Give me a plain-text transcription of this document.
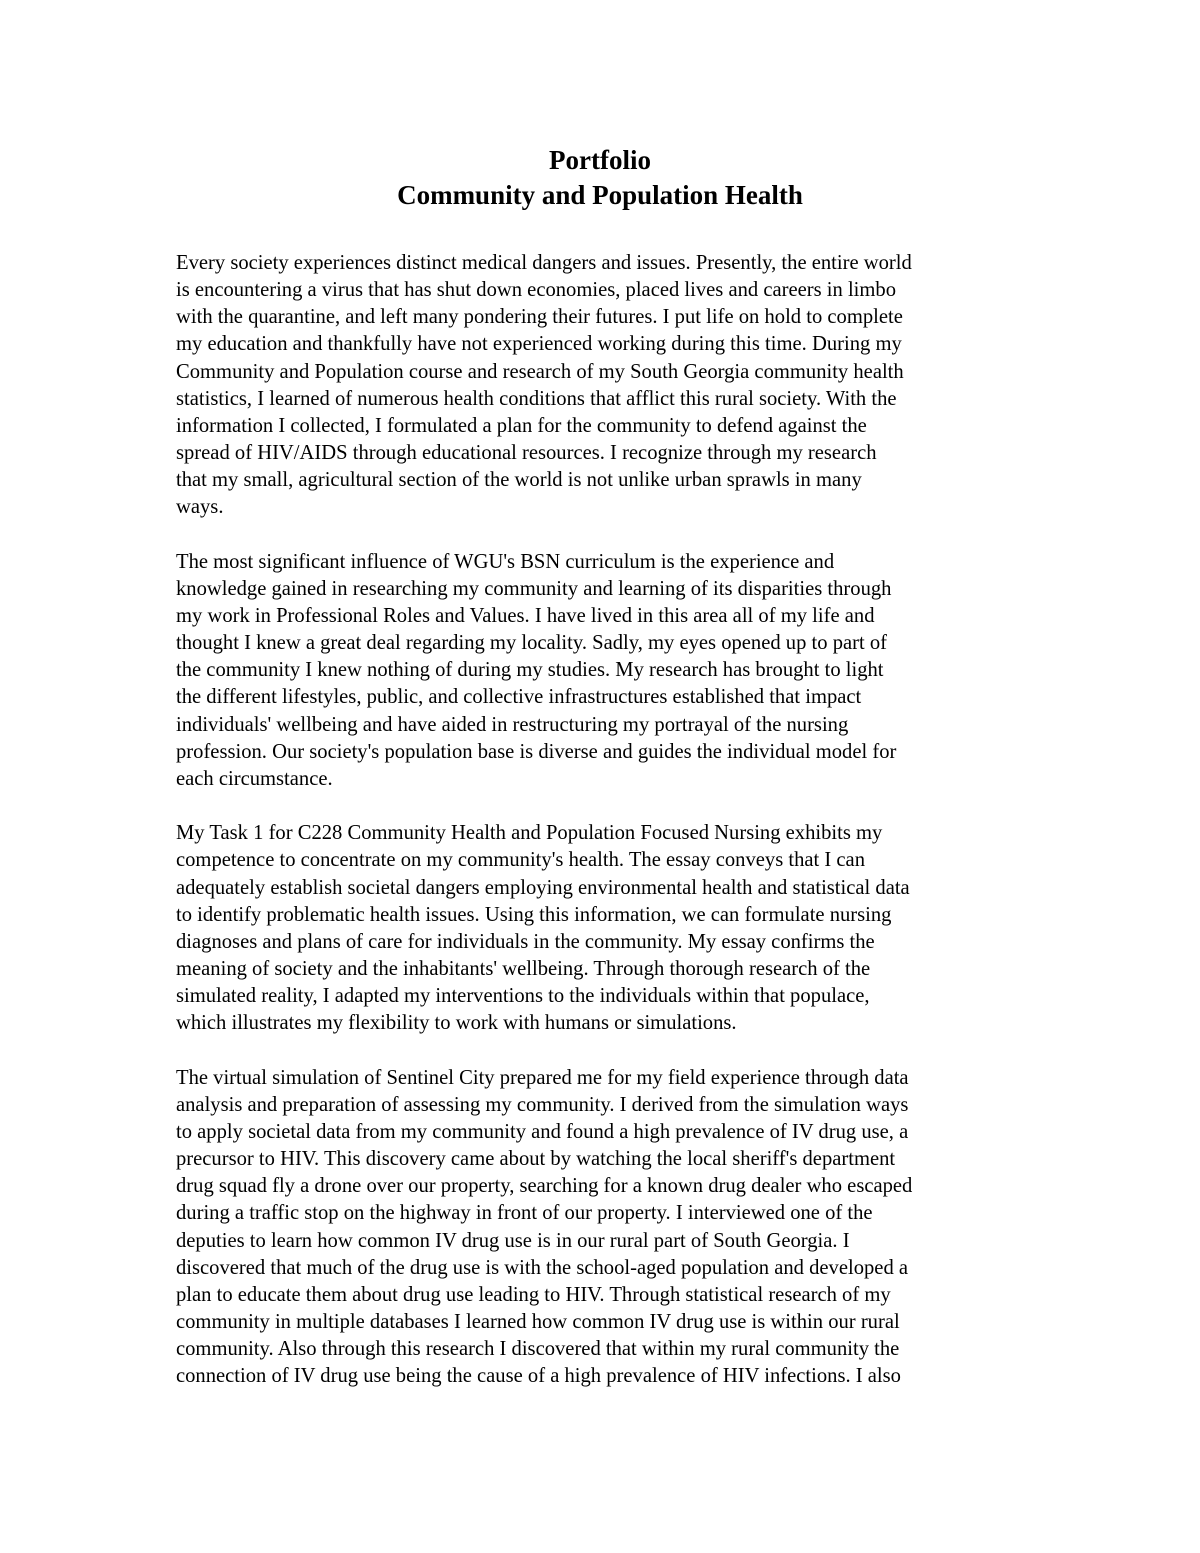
Portfolio
Community and Population Health
Every society experiences distinct medical dangers and issues. Presently, the entire world
is encountering a virus that has shut down economies, placed lives and careers in limbo
with the quarantine, and left many pondering their futures. I put life on hold to complete
my education and thankfully have not experienced working during this time. During my
Community and Population course and research of my South Georgia community health
statistics, I learned of numerous health conditions that afflict this rural society. With the
information I collected, I formulated a plan for the community to defend against the
spread of HIV/AIDS through educational resources. I recognize through my research
that my small, agricultural section of the world is not unlike urban sprawls in many
ways.
The most significant influence of WGU's BSN curriculum is the experience and
knowledge gained in researching my community and learning of its disparities through
my work in Professional Roles and Values. I have lived in this area all of my life and
thought I knew a great deal regarding my locality. Sadly, my eyes opened up to part of
the community I knew nothing of during my studies. My research has brought to light
the different lifestyles, public, and collective infrastructures established that impact
individuals' wellbeing and have aided in restructuring my portrayal of the nursing
profession. Our society's population base is diverse and guides the individual model for
each circumstance.
My Task 1 for C228 Community Health and Population Focused Nursing exhibits my
competence to concentrate on my community's health. The essay conveys that I can
adequately establish societal dangers employing environmental health and statistical data
to identify problematic health issues. Using this information, we can formulate nursing
diagnoses and plans of care for individuals in the community. My essay confirms the
meaning of society and the inhabitants' wellbeing. Through thorough research of the
simulated reality, I adapted my interventions to the individuals within that populace,
which illustrates my flexibility to work with humans or simulations.
The virtual simulation of Sentinel City prepared me for my field experience through data
analysis and preparation of assessing my community. I derived from the simulation ways
to apply societal data from my community and found a high prevalence of IV drug use, a
precursor to HIV. This discovery came about by watching the local sheriff's department
drug squad fly a drone over our property, searching for a known drug dealer who escaped
during a traffic stop on the highway in front of our property. I interviewed one of the
deputies to learn how common IV drug use is in our rural part of South Georgia. I
discovered that much of the drug use is with the school-aged population and developed a
plan to educate them about drug use leading to HIV. Through statistical research of my
community in multiple databases I learned how common IV drug use is within our rural
community. Also through this research I discovered that within my rural community the
connection of IV drug use being the cause of a high prevalence of HIV infections. I also
